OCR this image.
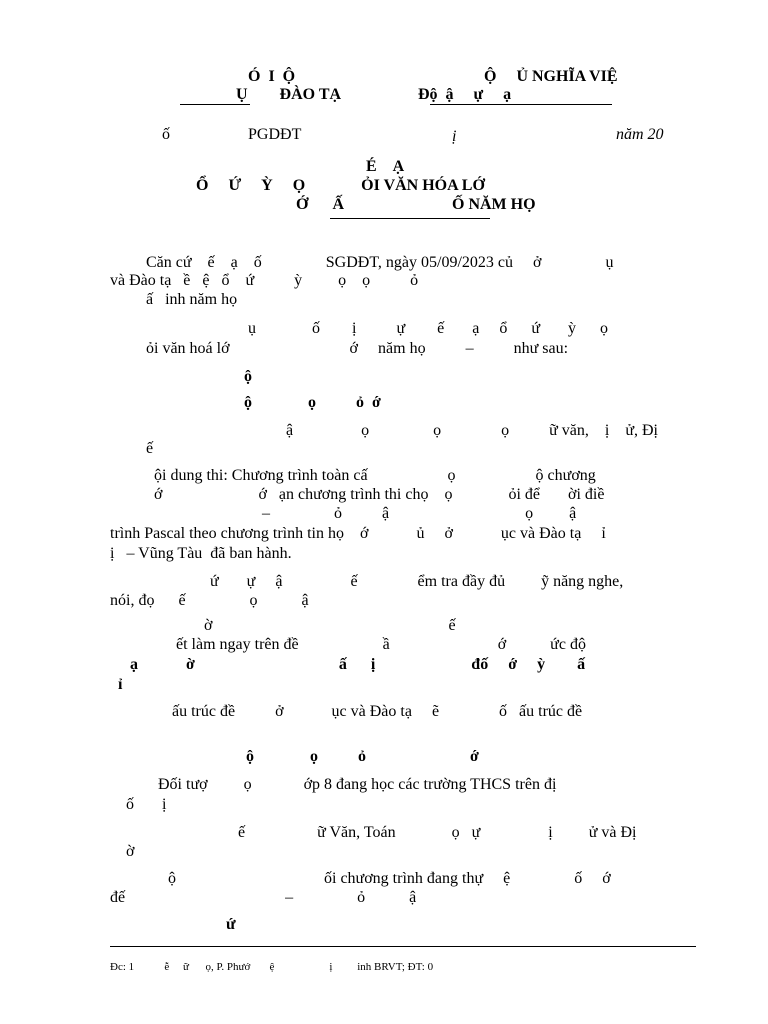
Ó  I  Ộ	Ộ     Ủ NGHĨA VIỆ
Ụ        ĐÀO TẠ	Độ  ậ     ự     ạ
ố	PGDĐT	ị	năm 20
É    Ạ
Ổ     Ứ     Ỳ     Ọ              ỎI VĂN HÓA LỚ
Ớ      Ấ                           Ố NĂM HỌ
Căn cứ    ế    ạ    ố                SGDĐT, ngày 05/09/2023 củ     ở                ụ
và Đào tạ   ề   ệ   ổ    ứ          ỳ         ọ    ọ          ỏ
ấ   inh năm họ
ụ              ố        ị          ự        ế       ạ     ổ      ứ       ỳ      ọ
ỏi văn hoá lớ                              ớ     năm họ          –          như sau:
ộ
ộ              ọ          ỏ  ớ
ậ                 ọ                ọ               ọ          ữ văn,    ị    ử, Đị
ế
ội dung thi: Chương trình toàn cấ                    ọ                    ộ chương
ớ                        ớ   ạn chương trình thi chọ    ọ              ỏi để       ời điề
–                ỏ          ậ                                  ọ         ậ
trình Pascal theo chương trình tin họ    ớ            ủ     ở            ục và Đào tạ     ỉ
ị   – Vũng Tàu  đã ban hành.
ứ       ự     ậ                 ế               ểm tra đầy đủ         ỹ năng nghe,
nói, đọ      ế                ọ           ậ
ờ                                                           ế
ết làm ngay trên đề                     ầ                           ớ           ức độ
ạ            ờ                                    ấ      ị                        đố     ớ     ỳ        ấ
ỉ
ấu trúc đề          ở            ục và Đào tạ     ẽ               ố   ấu trúc đề
ộ              ọ          ỏ                          ớ
Đối tượ         ọ             ớp 8 đang học các trường THCS trên đị
ố       ị
ế                  ữ Văn, Toán              ọ   ự                 ị         ử và Đị
ờ
ộ                                     ối chương trình đang thự     ệ                ố     ớ
đế                                        –                ỏ           ậ
ứ
Đc: 1           ễ     ữ      ọ, P. Phướ       ệ                    ị         inh BRVT; ĐT: 0
